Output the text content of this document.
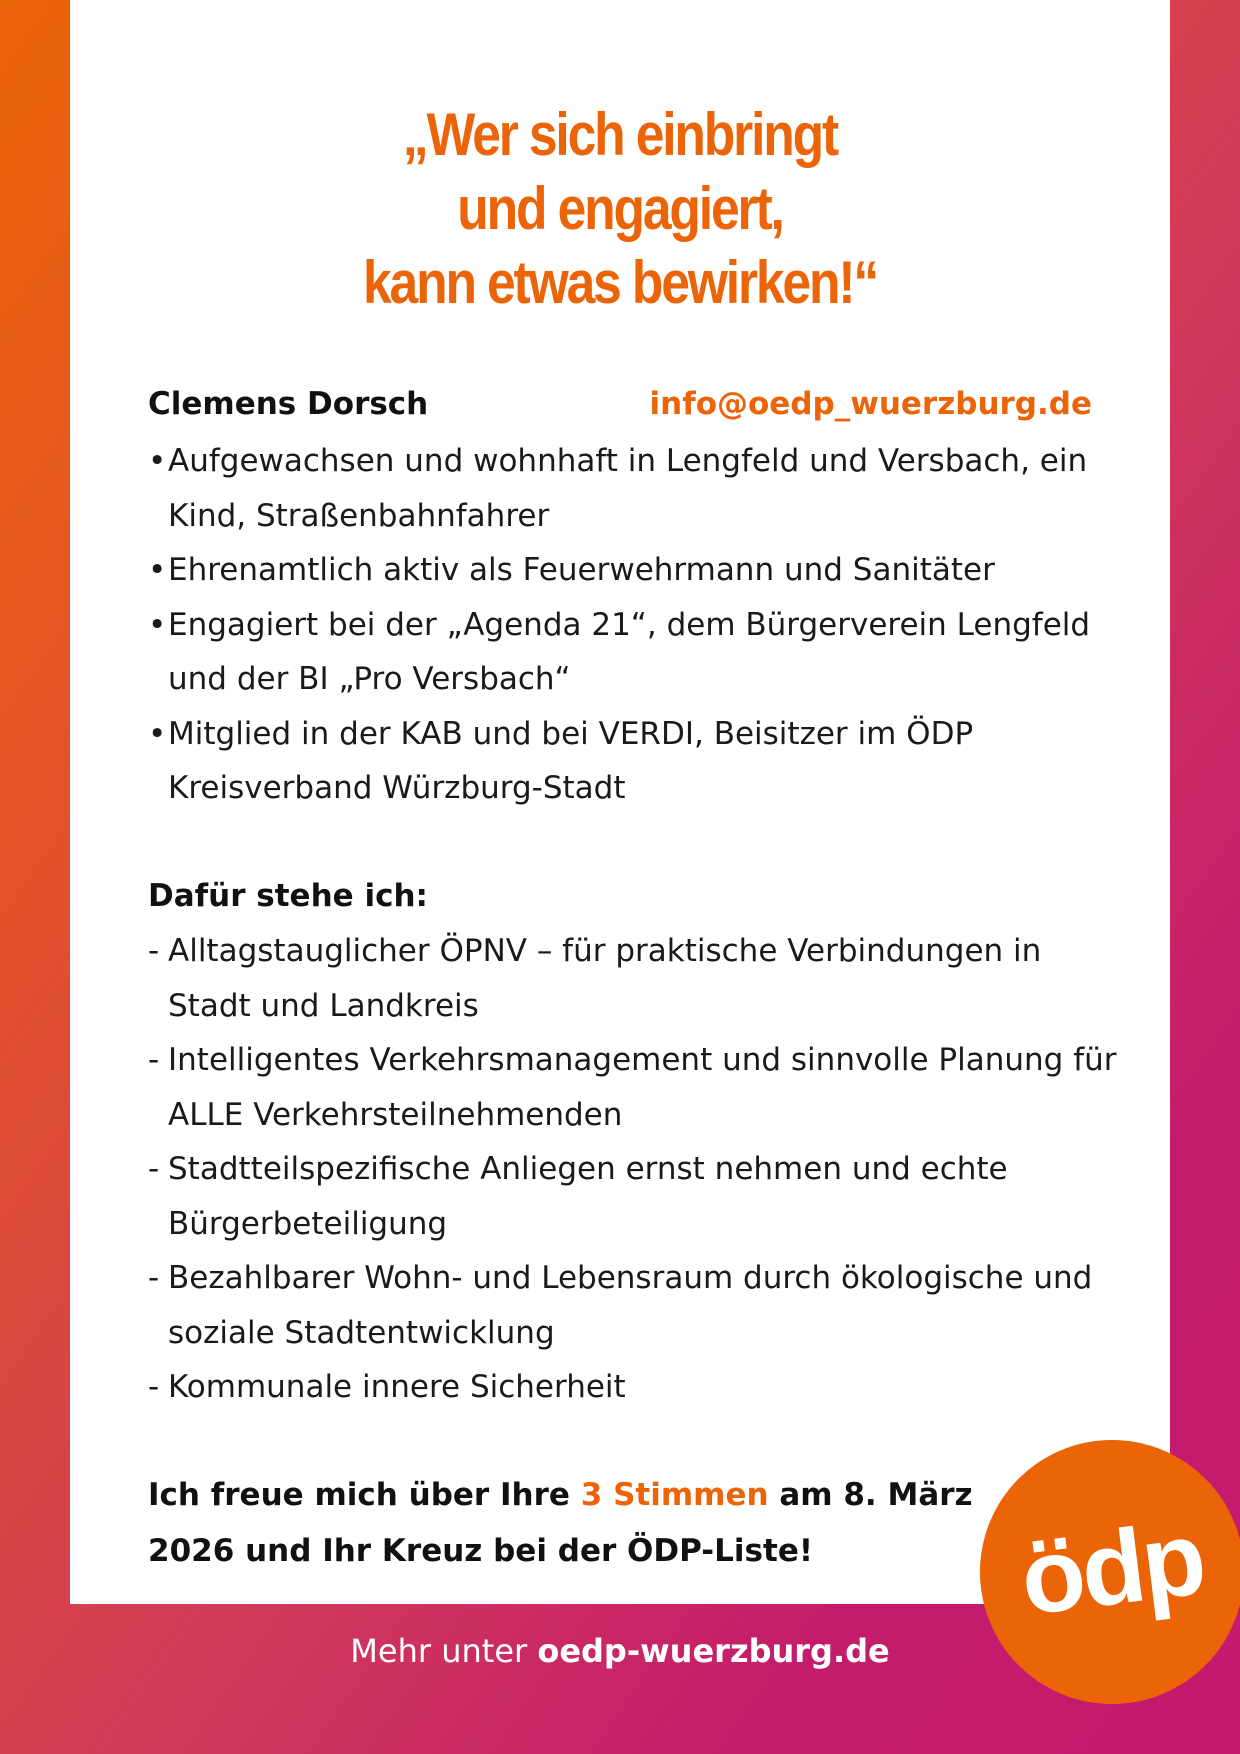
„Wer sich einbringt
und engagiert,
kann etwas bewirken!“
Clemens Dorsch	info@oedp_wuerzburg.de
• Aufgewachsen und wohnhaft in Lengfeld und Versbach, ein Kind, Straßenbahnfahrer
• Ehrenamtlich aktiv als Feuerwehrmann und Sanitäter
• Engagiert bei der „Agenda 21“, dem Bürgerverein Lengfeld und der BI „Pro Versbach“
• Mitglied in der KAB und bei VERDI, Beisitzer im ÖDP Kreisverband Würzburg-Stadt
Dafür stehe ich:
- Alltagstauglicher ÖPNV – für praktische Verbindungen in Stadt und Landkreis
- Intelligentes Verkehrsmanagement und sinnvolle Planung für ALLE Verkehrsteilnehmenden
- Stadtteilspezifische Anliegen ernst nehmen und echte Bürgerbeteiligung
- Bezahlbarer Wohn- und Lebensraum durch ökologische und soziale Stadtentwicklung
- Kommunale innere Sicherheit

Ich freue mich über Ihre 3 Stimmen am 8. März 2026 und Ihr Kreuz bei der ÖDP-Liste!

Mehr unter oedp-wuerzburg.de
ödp
